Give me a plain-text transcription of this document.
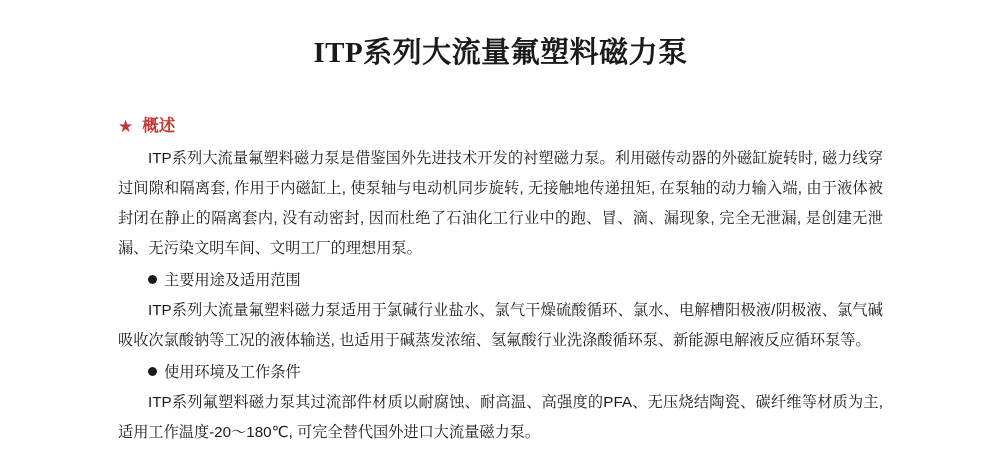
ITP系列大流量氟塑料磁力泵
★ 概述

ITP系列大流量氟塑料磁力泵是借鉴国外先进技术开发的衬塑磁力泵。利用磁传动器的外磁缸旋转时, 磁力线穿过间隙和隔离套, 作用于内磁缸上, 使泵轴与电动机同步旋转, 无接触地传递扭矩, 在泵轴的动力输入端, 由于液体被封闭在静止的隔离套内, 没有动密封, 因而杜绝了石油化工行业中的跑、冒、滴、漏现象, 完全无泄漏, 是创建无泄漏、无污染文明车间、文明工厂的理想用泵。

主要用途及适用范围

ITP系列大流量氟塑料磁力泵适用于氯碱行业盐水、氯气干燥硫酸循环、氯水、电解槽阳极液/阴极液、氯气碱吸收次氯酸钠等工况的液体输送, 也适用于碱蒸发浓缩、氢氟酸行业洗涤酸循环泵、新能源电解液反应循环泵等。

使用环境及工作条件

ITP系列氟塑料磁力泵其过流部件材质以耐腐蚀、耐高温、高强度的PFA、无压烧结陶瓷、碳纤维等材质为主, 适用工作温度-20～180℃, 可完全替代国外进口大流量磁力泵。
